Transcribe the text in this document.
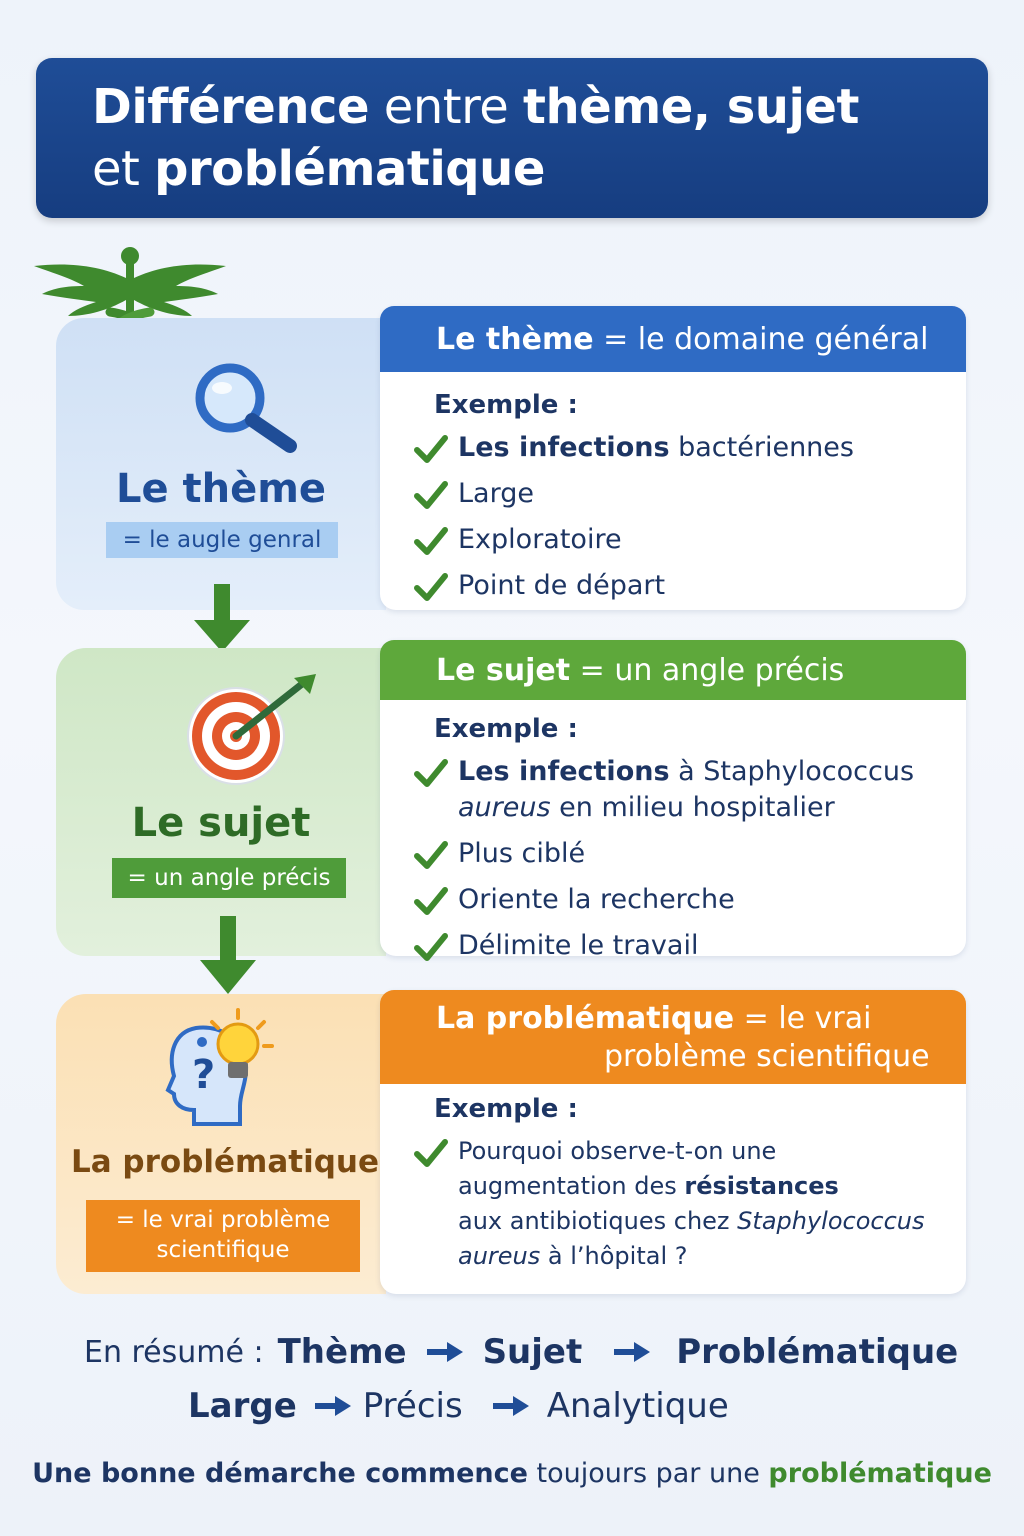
Différence entre thème, sujet
et problématique
Le thème
= le augle genral
Le thème = le domaine général
Exemple :
Les infections bactériennes
Large
Exploratoire
Point de départ
Le sujet
= un angle précis
Le sujet = un angle précis
Exemple :
Les infections à Staphylococcus
aureus en milieu hospitalier
Plus ciblé
Oriente la recherche
Délimite le travail
?
La problématique
= le vrai problème
scientifique
La problématique = le vrai
problème scientifique
Exemple :
Pourquoi observe-t-on une
augmentation des résistances
aux antibiotiques chez Staphylococcus
aureus à l’hôpital ?
En résumé : Thème Sujet	Problématique
Large Précis Analytique
Une bonne démarche commence toujours par une problématique
